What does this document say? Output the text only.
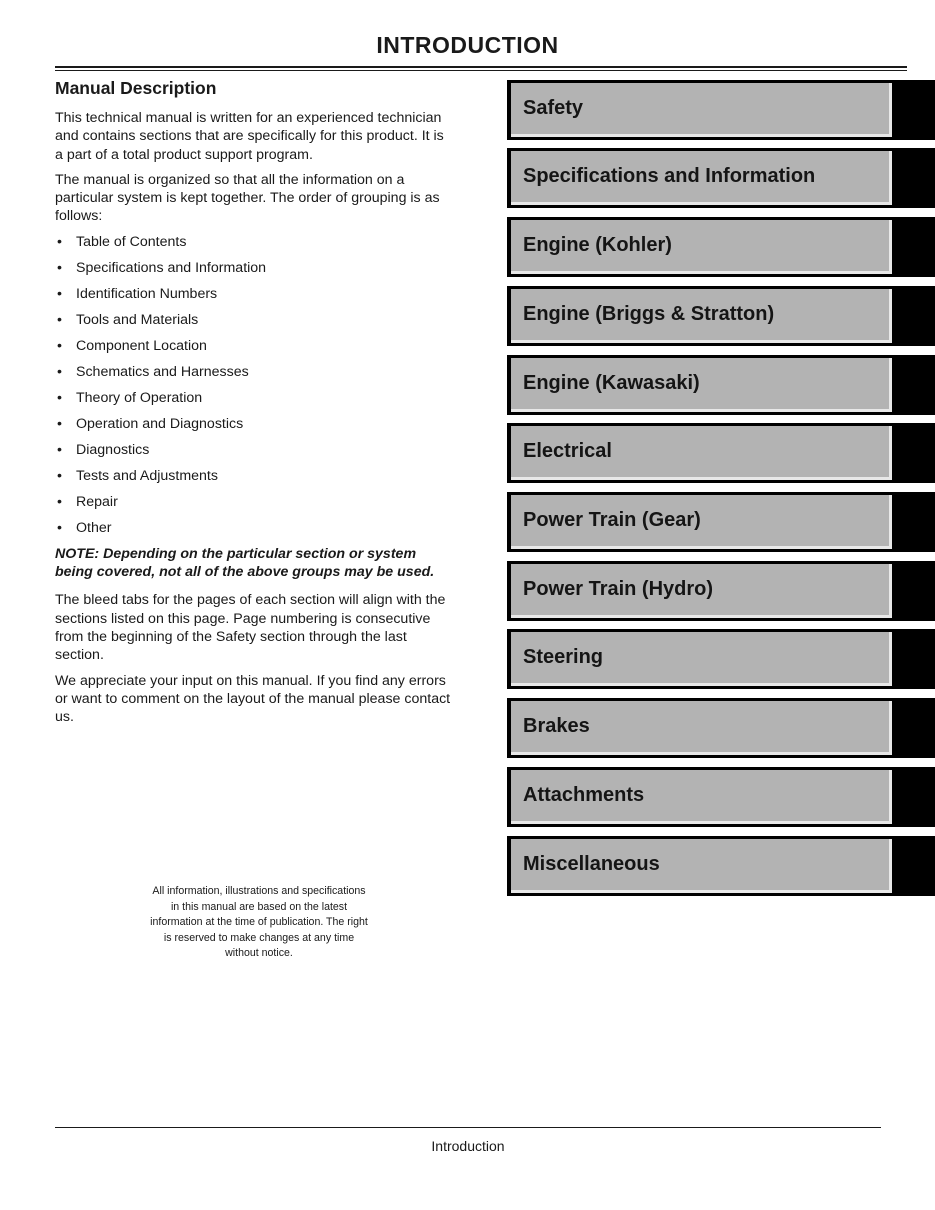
INTRODUCTION
Manual Description

This technical manual is written for an experienced technician and contains sections that are specifically for this product. It is a part of a total product support program.

The manual is organized so that all the information on a particular system is kept together. The order of grouping is as follows:

• Table of Contents
• Specifications and Information
• Identification Numbers
• Tools and Materials
• Component Location
• Schematics and Harnesses
• Theory of Operation
• Operation and Diagnostics
• Diagnostics
• Tests and Adjustments
• Repair
• Other

NOTE: Depending on the particular section or system being covered, not all of the above groups may be used.

The bleed tabs for the pages of each section will align with the sections listed on this page. Page numbering is consecutive from the beginning of the Safety section through the last section.

We appreciate your input on this manual. If you find any errors or want to comment on the layout of the manual please contact us.

All information, illustrations and specifications in this manual are based on the latest information at the time of publication. The right is reserved to make changes at any time without notice.
Safety
Specifications and Information
Engine (Kohler)
Engine (Briggs & Stratton)
Engine (Kawasaki)
Electrical
Power Train (Gear)
Power Train (Hydro)
Steering
Brakes
Attachments
Miscellaneous
Introduction
